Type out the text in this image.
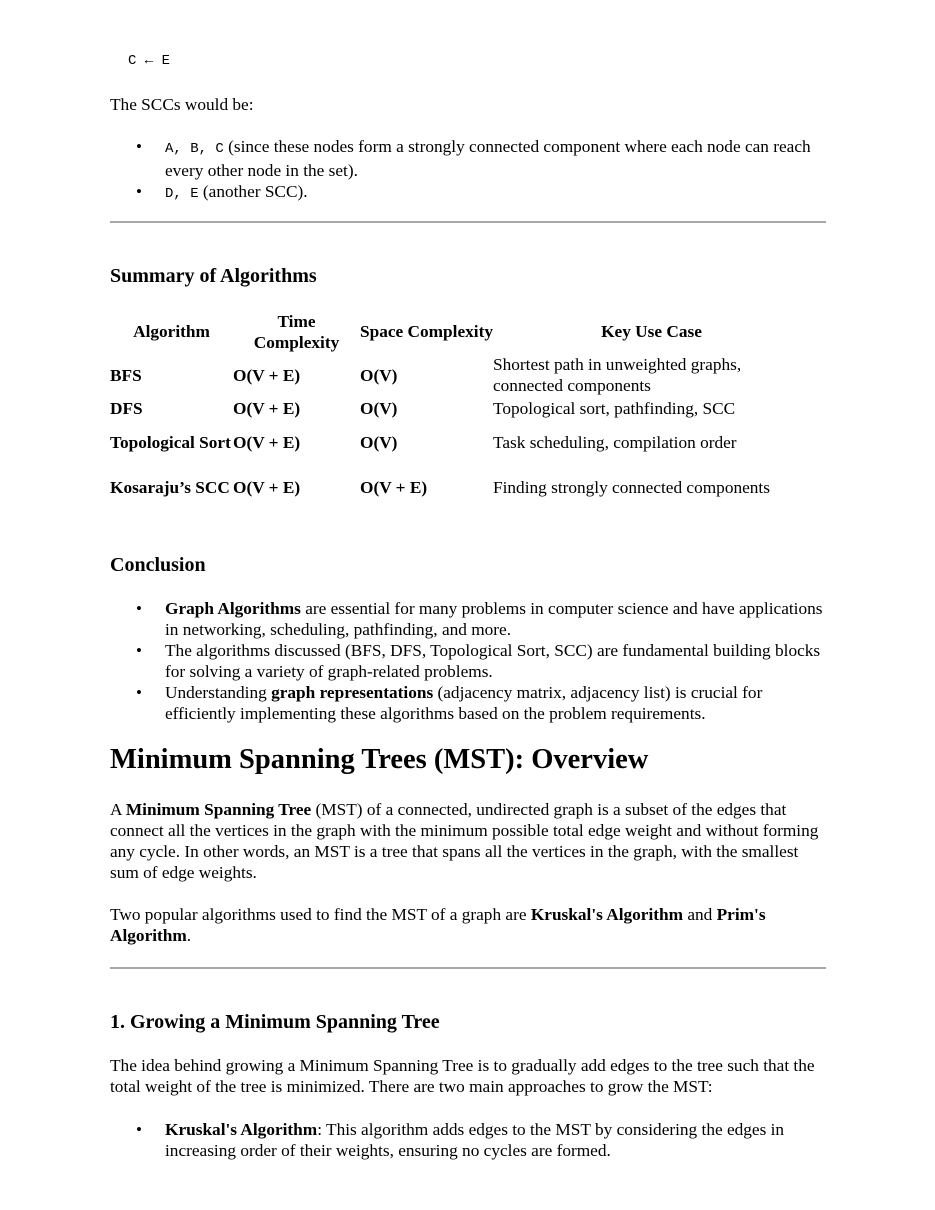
C ← E

The SCCs would be:

• A, B, C (since these nodes form a strongly connected component where each node can reach every other node in the set).
• D, E (another SCC).
Summary of Algorithms
Algorithm	Time Complexity	Space Complexity	Key Use Case
BFS	O(V + E)	O(V)	Shortest path in unweighted graphs, connected components
DFS	O(V + E)	O(V)	Topological sort, pathfinding, SCC
Topological Sort	O(V + E)	O(V)	Task scheduling, compilation order
Kosaraju’s SCC	O(V + E)	O(V + E)	Finding strongly connected components
Conclusion
• Graph Algorithms are essential for many problems in computer science and have applications in networking, scheduling, pathfinding, and more.
• The algorithms discussed (BFS, DFS, Topological Sort, SCC) are fundamental building blocks for solving a variety of graph-related problems.
• Understanding graph representations (adjacency matrix, adjacency list) is crucial for efficiently implementing these algorithms based on the problem requirements.
Minimum Spanning Trees (MST): Overview

A Minimum Spanning Tree (MST) of a connected, undirected graph is a subset of the edges that connect all the vertices in the graph with the minimum possible total edge weight and without forming any cycle. In other words, an MST is a tree that spans all the vertices in the graph, with the smallest sum of edge weights.

Two popular algorithms used to find the MST of a graph are Kruskal's Algorithm and Prim's Algorithm.

1. Growing a Minimum Spanning Tree

The idea behind growing a Minimum Spanning Tree is to gradually add edges to the tree such that the total weight of the tree is minimized. There are two main approaches to grow the MST:

• Kruskal's Algorithm: This algorithm adds edges to the MST by considering the edges in increasing order of their weights, ensuring no cycles are formed.
